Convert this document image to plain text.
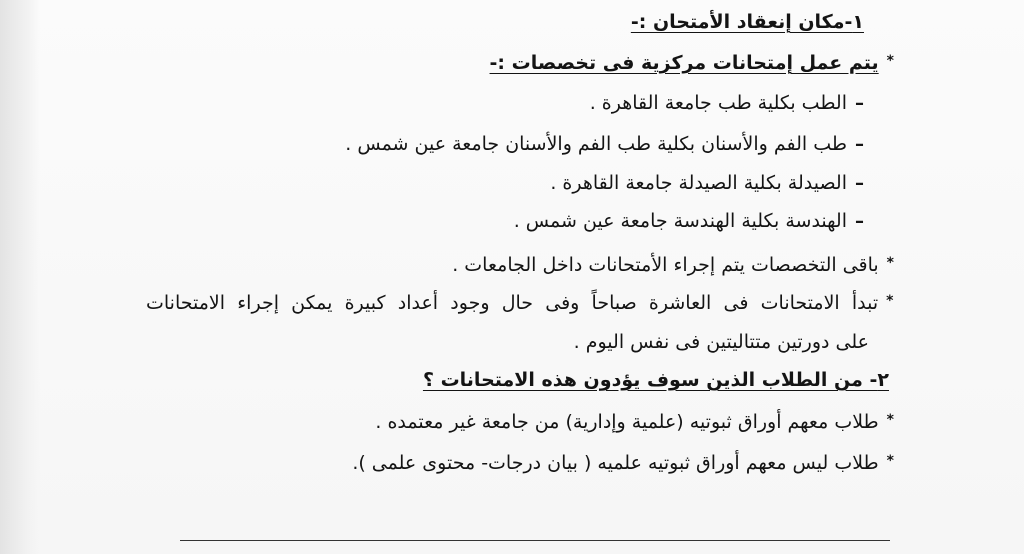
١-مكان إنعقاد الأمتحان :-
*يتم عمل إمتحانات مركزية فى تخصصات :-
–الطب بكلية طب جامعة القاهرة .
–طب الفم والأسنان بكلية طب الفم والأسنان جامعة عين شمس .
–الصيدلة بكلية الصيدلة جامعة القاهرة .
–الهندسة بكلية الهندسة جامعة عين شمس .
*باقى التخصصات يتم إجراء الأمتحانات داخل الجامعات .
*تبدأ الامتحانات فى العاشرة صباحاً وفى حال وجود أعداد كبيرة يمكن إجراء الامتحانات
على دورتين متتاليتين فى نفس اليوم .
٢- من الطلاب الذين سوف يؤدون هذه الامتحانات ؟
*طلاب معهم أوراق ثبوتيه (علمية وإدارية) من جامعة غير معتمده .
*طلاب ليس معهم أوراق ثبوتيه علميه ( بيان درجات- محتوى علمى ).
